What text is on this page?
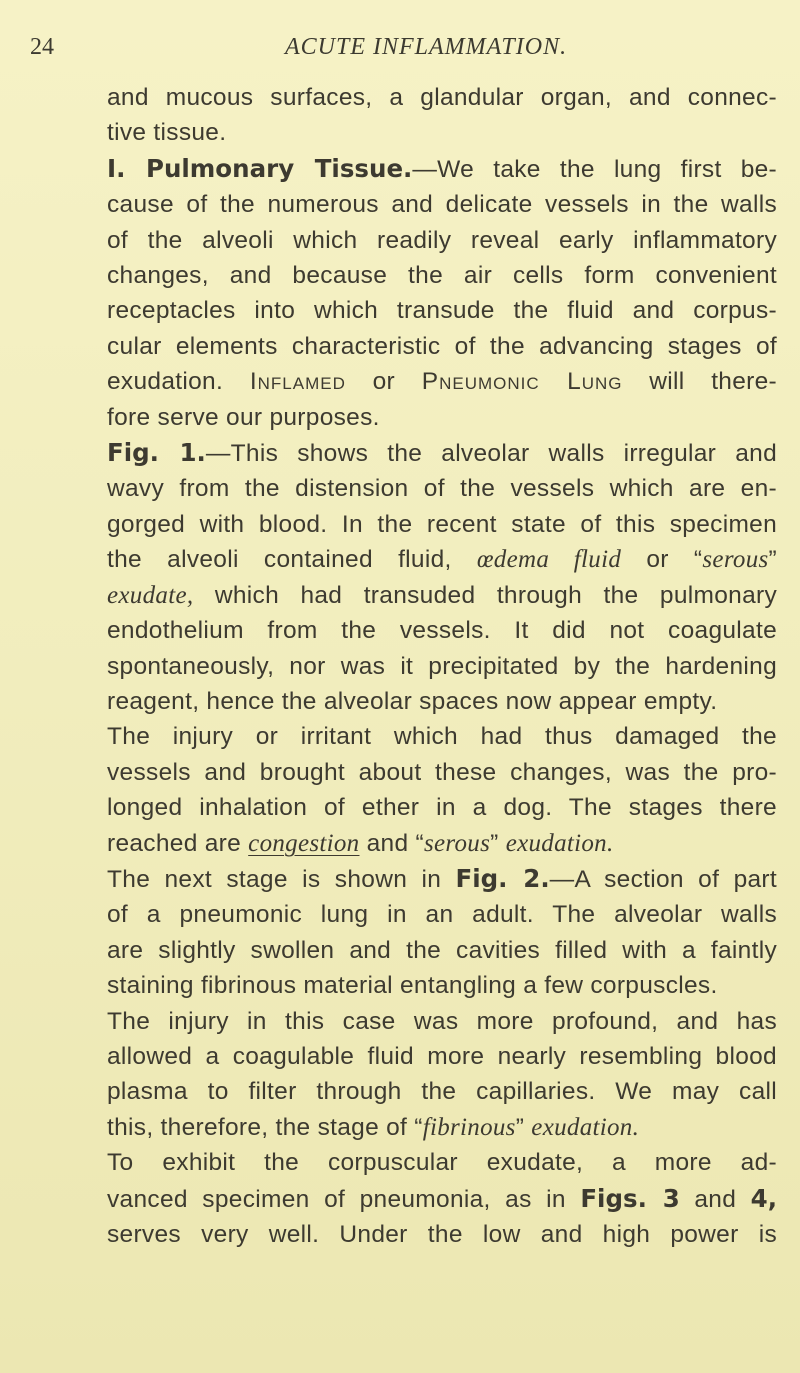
24	ACUTE INFLAMMATION.
and mucous surfaces, a glandular organ, and connec-
tive tissue.
I. Pulmonary Tissue.—We take the lung first be-
cause of the numerous and delicate vessels in the walls
of the alveoli which readily reveal early inflammatory
changes, and because the air cells form convenient
receptacles into which transude the fluid and corpus-
cular elements characteristic of the advancing stages of
exudation. Inflamed or Pneumonic Lung will there-
fore serve our purposes.
Fig. 1.—This shows the alveolar walls irregular and
wavy from the distension of the vessels which are en-
gorged with blood. In the recent state of this specimen
the alveoli contained fluid, œdema fluid or “serous”
exudate, which had transuded through the pulmonary
endothelium from the vessels. It did not coagulate
spontaneously, nor was it precipitated by the hardening
reagent, hence the alveolar spaces now appear empty.
The injury or irritant which had thus damaged the
vessels and brought about these changes, was the pro-
longed inhalation of ether in a dog. The stages there
reached are congestion and “serous” exudation.
The next stage is shown in Fig. 2.—A section of part
of a pneumonic lung in an adult. The alveolar walls
are slightly swollen and the cavities filled with a faintly
staining fibrinous material entangling a few corpuscles.
The injury in this case was more profound, and has
allowed a coagulable fluid more nearly resembling blood
plasma to filter through the capillaries. We may call
this, therefore, the stage of “fibrinous” exudation.
To exhibit the corpuscular exudate, a more ad-
vanced specimen of pneumonia, as in Figs. 3 and 4,
serves very well. Under the low and high power is
